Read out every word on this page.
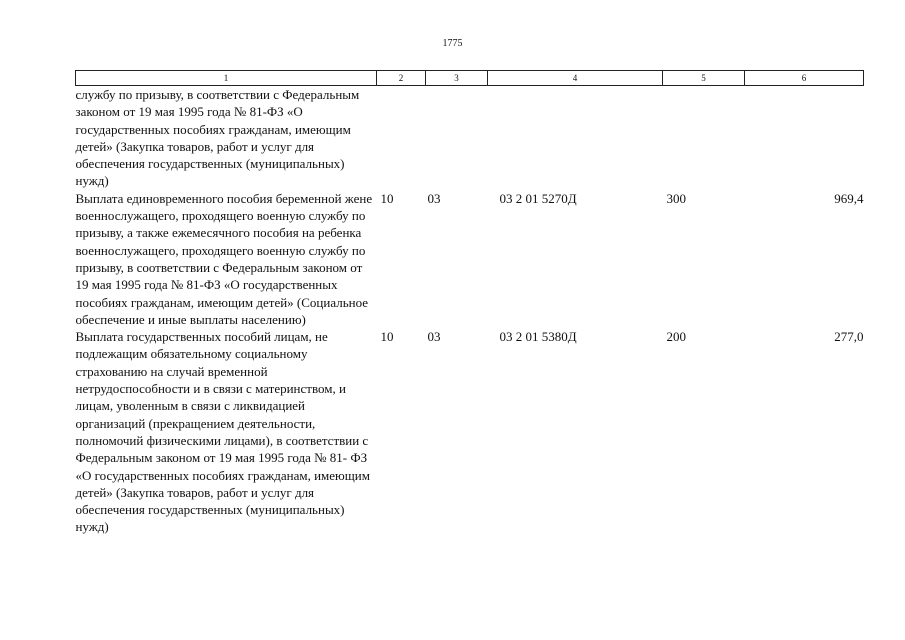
1775
1	2	3	4	5	6
службу по призыву, в соответствии с Федеральным законом от 19 мая 1995 года № 81-ФЗ «О государственных пособиях гражданам, имеющим детей» (Закупка товаров, работ и услуг для обеспечения государственных (муниципальных) нужд)					
Выплата единовременного пособия беременной жене военнослужащего, проходящего военную службу по призыву, а также ежемесячного пособия на ребенка военнослужащего, проходящего военную службу по призыву, в соответствии с Федеральным законом от 19 мая 1995 года № 81-ФЗ «О государственных пособиях гражданам, имеющим детей» (Социальное обеспечение и иные выплаты населению)	10	03	03 2 01 5270Д	300	969,4
Выплата государственных пособий лицам, не подлежащим обязательному социальному страхованию на случай временной нетрудоспособности и в связи с материнством, и лицам, уволенным в связи с ликвидацией организаций (прекращением деятельности, полномочий физическими лицами), в соответствии с Федеральным законом от 19 мая 1995 года № 81- ФЗ «О государственных пособиях гражданам, имеющим детей» (Закупка товаров, работ и услуг для обеспечения государственных (муниципальных) нужд)	10	03	03 2 01 5380Д	200	277,0
